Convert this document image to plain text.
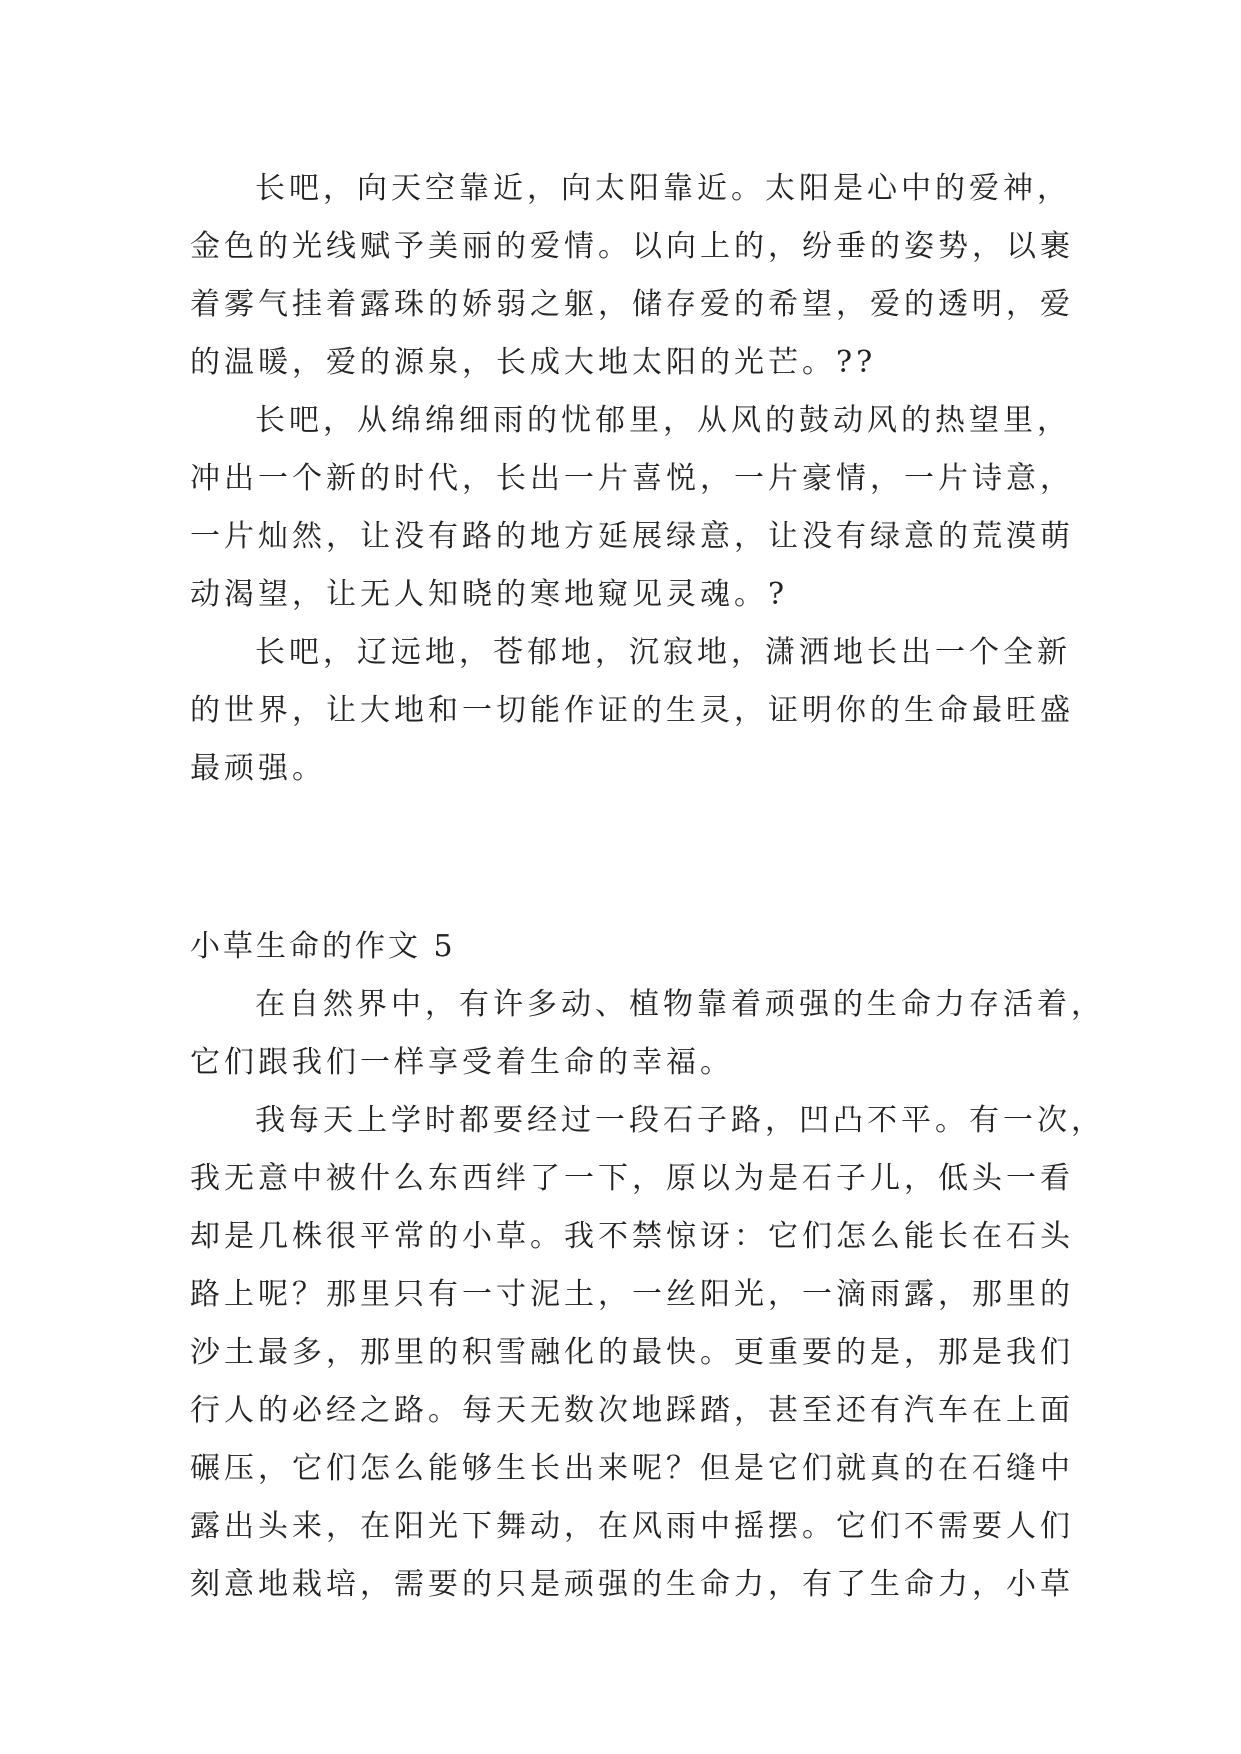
长吧，向天空靠近，向太阳靠近。太阳是心中的爱神，
金色的光线赋予美丽的爱情。以向上的，纷垂的姿势，以裹
着雾气挂着露珠的娇弱之躯，储存爱的希望，爱的透明，爱
的温暖，爱的源泉，长成大地太阳的光芒。??
长吧，从绵绵细雨的忧郁里，从风的鼓动风的热望里，
冲出一个新的时代，长出一片喜悦，一片豪情，一片诗意，
一片灿然，让没有路的地方延展绿意，让没有绿意的荒漠萌
动渴望，让无人知晓的寒地窥见灵魂。?
长吧，辽远地，苍郁地，沉寂地，潇洒地长出一个全新
的世界，让大地和一切能作证的生灵，证明你的生命最旺盛
最顽强。
小草生命的作文 5
在自然界中，有许多动、植物靠着顽强的生命力存活着，
它们跟我们一样享受着生命的幸福。
我每天上学时都要经过一段石子路，凹凸不平。有一次，
我无意中被什么东西绊了一下，原以为是石子儿，低头一看
却是几株很平常的小草。我不禁惊讶：它们怎么能长在石头
路上呢？那里只有一寸泥土，一丝阳光，一滴雨露，那里的
沙土最多，那里的积雪融化的最快。更重要的是，那是我们
行人的必经之路。每天无数次地踩踏，甚至还有汽车在上面
碾压，它们怎么能够生长出来呢？但是它们就真的在石缝中
露出头来，在阳光下舞动，在风雨中摇摆。它们不需要人们
刻意地栽培，需要的只是顽强的生命力，有了生命力，小草
